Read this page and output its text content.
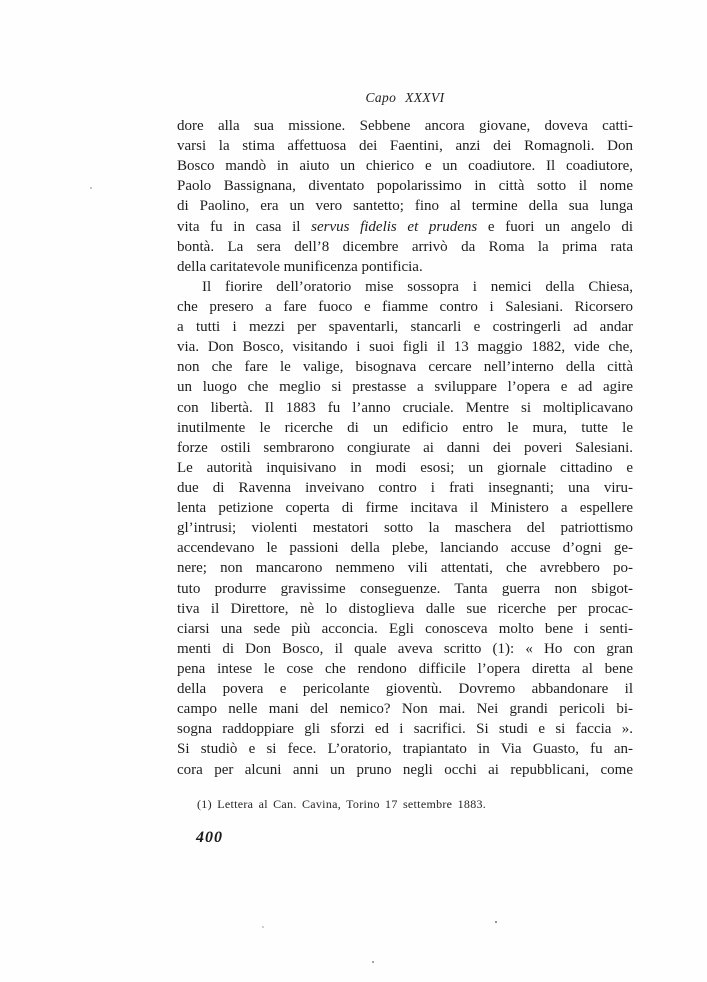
Capo XXXVI
dore alla sua missione. Sebbene ancora giovane, doveva catti-
varsi la stima affettuosa dei Faentini, anzi dei Romagnoli. Don
Bosco mandò in aiuto un chierico e un coadiutore. Il coadiutore,
Paolo Bassignana, diventato popolarissimo in città sotto il nome
di Paolino, era un vero santetto; fino al termine della sua lunga
vita fu in casa il servus fidelis et prudens e fuori un angelo di
bontà. La sera dell’8 dicembre arrivò da Roma la prima rata
della caritatevole munificenza pontificia.
Il fiorire dell’oratorio mise sossopra i nemici della Chiesa,
che presero a fare fuoco e fiamme contro i Salesiani. Ricorsero
a tutti i mezzi per spaventarli, stancarli e costringerli ad andar
via. Don Bosco, visitando i suoi figli il 13 maggio 1882, vide che,
non che fare le valige, bisognava cercare nell’interno della città
un luogo che meglio si prestasse a sviluppare l’opera e ad agire
con libertà. Il 1883 fu l’anno cruciale. Mentre si moltiplicavano
inutilmente le ricerche di un edificio entro le mura, tutte le
forze ostili sembrarono congiurate ai danni dei poveri Salesiani.
Le autorità inquisivano in modi esosi; un giornale cittadino e
due di Ravenna inveivano contro i frati insegnanti; una viru-
lenta petizione coperta di firme incitava il Ministero a espellere
gl’intrusi; violenti mestatori sotto la maschera del patriottismo
accendevano le passioni della plebe, lanciando accuse d’ogni ge-
nere; non mancarono nemmeno vili attentati, che avrebbero po-
tuto produrre gravissime conseguenze. Tanta guerra non sbigot-
tiva il Direttore, nè lo distoglieva dalle sue ricerche per procac-
ciarsi una sede più acconcia. Egli conosceva molto bene i senti-
menti di Don Bosco, il quale aveva scritto (1): « Ho con gran
pena intese le cose che rendono difficile l’opera diretta al bene
della povera e pericolante gioventù. Dovremo abbandonare il
campo nelle mani del nemico? Non mai. Nei grandi pericoli bi-
sogna raddoppiare gli sforzi ed i sacrifici. Si studi e si faccia ».
Si studiò e si fece. L’oratorio, trapiantato in Via Guasto, fu an-
cora per alcuni anni un pruno negli occhi ai repubblicani, come
(1) Lettera al Can. Cavina, Torino 17 settembre 1883.
400
